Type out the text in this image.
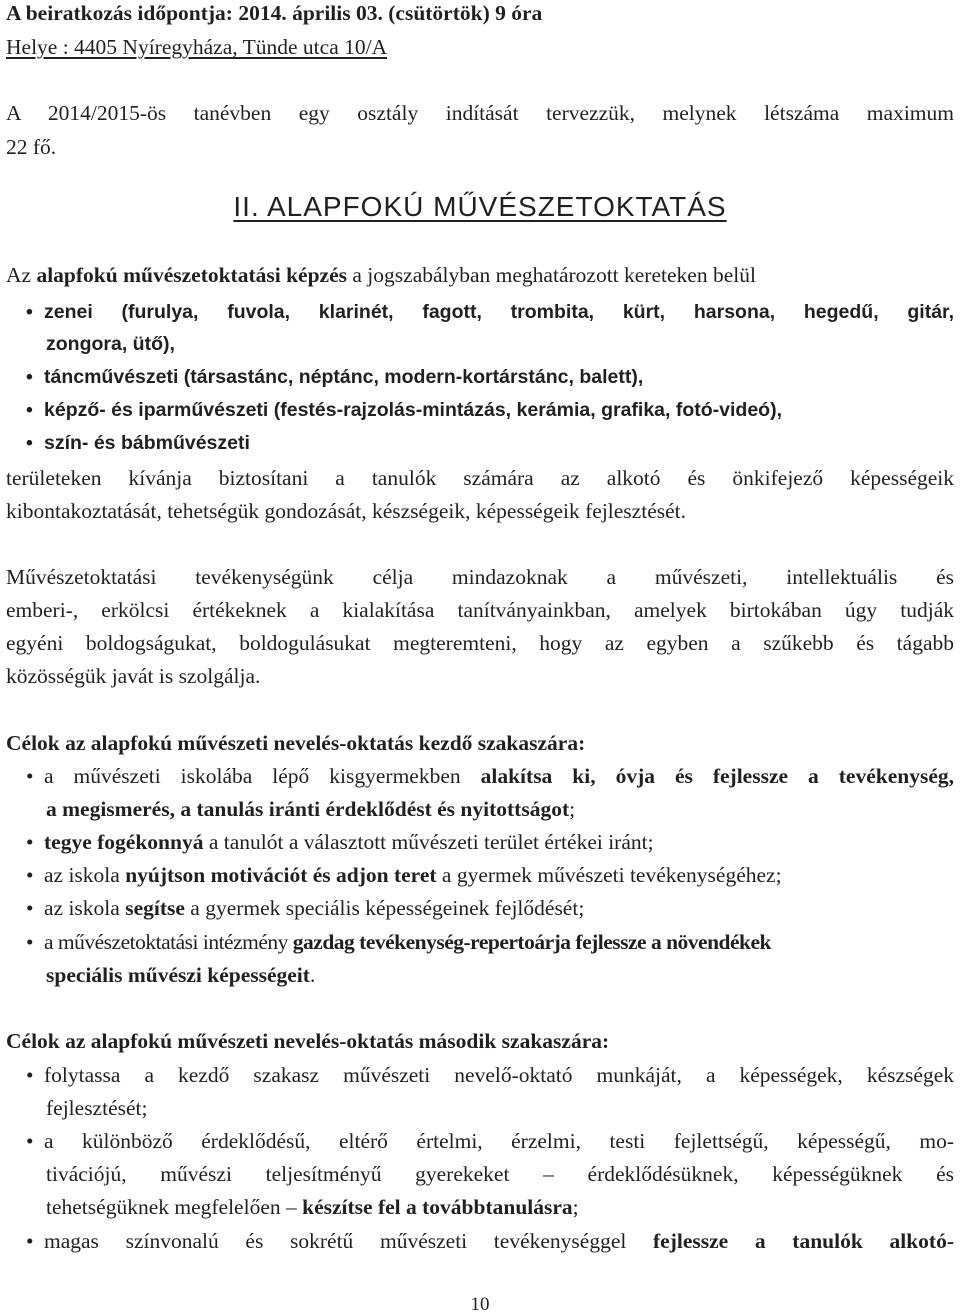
A beiratkozás időpontja: 2014. április 03. (csütörtök) 9 óra
Helye : 4405 Nyíregyháza, Tünde utca 10/A
A 2014/2015-ös tanévben egy osztály indítását tervezzük, melynek létszáma maximum
22 fő.
II. ALAPFOKÚ MŰVÉSZETOKTATÁS
Az alapfokú művészetoktatási képzés a jogszabályban meghatározott kereteken belül
• zenei (furulya, fuvola, klarinét, fagott, trombita, kürt, harsona, hegedű, gitár,
zongora, ütő),
• táncművészeti (társastánc, néptánc, modern-kortárstánc, balett),
• képző- és iparművészeti (festés-rajzolás-mintázás, kerámia, grafika, fotó-videó),
• szín- és bábművészeti
területeken kívánja biztosítani a tanulók számára az alkotó és önkifejező képességeik
kibontakoztatását, tehetségük gondozását, készségeik, képességeik fejlesztését.
Művészetoktatási tevékenységünk célja mindazoknak a művészeti, intellektuális és
emberi-, erkölcsi értékeknek a kialakítása tanítványainkban, amelyek birtokában úgy tudják
egyéni boldogságukat, boldogulásukat megteremteni, hogy az egyben a szűkebb és tágabb
közösségük javát is szolgálja.
Célok az alapfokú művészeti nevelés-oktatás kezdő szakaszára:
• a művészeti iskolába lépő kisgyermekben alakítsa ki, óvja és fejlessze a tevékenység,
a megismerés, a tanulás iránti érdeklődést és nyitottságot;
• tegye fogékonnyá a tanulót a választott művészeti terület értékei iránt;
• az iskola nyújtson motivációt és adjon teret a gyermek művészeti tevékenységéhez;
• az iskola segítse a gyermek speciális képességeinek fejlődését;
• a művészetoktatási intézmény gazdag tevékenység-repertoárja fejlessze a növendékek
speciális művészi képességeit.
Célok az alapfokú művészeti nevelés-oktatás második szakaszára:
• folytassa a kezdő szakasz művészeti nevelő-oktató munkáját, a képességek, készségek
fejlesztését;
• a különböző érdeklődésű, eltérő értelmi, érzelmi, testi fejlettségű, képességű, mo-
tivációjú, művészi teljesítményű gyerekeket – érdeklődésüknek, képességüknek és
tehetségüknek megfelelően – készítse fel a továbbtanulásra;
• magas színvonalú és sokrétű művészeti tevékenységgel fejlessze a tanulók alkotó-
10
